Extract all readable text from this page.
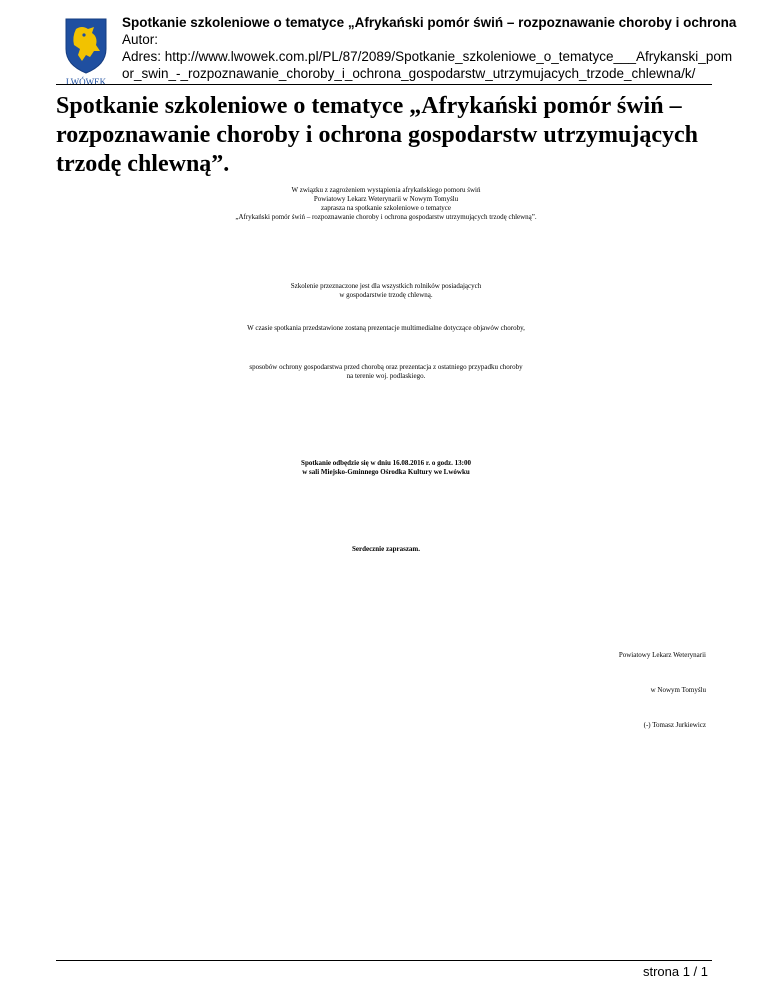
LWÓWEK
Spotkanie szkoleniowe o tematyce „Afrykański pomór świń – rozpoznawanie choroby i ochrona
Autor:
Adres: http://www.lwowek.com.pl/PL/87/2089/Spotkanie_szkoleniowe_o_tematyce___Afrykanski_pom
or_swin_-_rozpoznawanie_choroby_i_ochrona_gospodarstw_utrzymujacych_trzode_chlewna/k/
Spotkanie szkoleniowe o tematyce „Afrykański pomór świń – rozpoznawanie choroby i ochrona gospodarstw utrzymujących trzodę chlewną”.
W związku z zagrożeniem wystąpienia afrykańskiego pomoru świń
Powiatowy Lekarz Weterynarii w Nowym Tomyślu
zaprasza na spotkanie szkoleniowe o tematyce
„Afrykański pomór świń – rozpoznawanie choroby i ochrona gospodarstw utrzymujących trzodę chlewną”.
Szkolenie przeznaczone jest dla wszystkich rolników posiadających
w gospodarstwie trzodę chlewną.
W czasie spotkania przedstawione zostaną prezentacje multimedialne dotyczące objawów choroby,
sposobów ochrony gospodarstwa przed chorobą oraz prezentacja z ostatniego przypadku choroby
na terenie woj. podlaskiego.
Spotkanie odbędzie się w dniu 16.08.2016 r. o godz. 13:00
w sali Miejsko-Gminnego Ośrodka Kultury we Lwówku
Serdecznie zapraszam.
Powiatowy Lekarz Weterynarii
w Nowym Tomyślu
(-) Tomasz Jurkiewicz
strona 1 / 1
